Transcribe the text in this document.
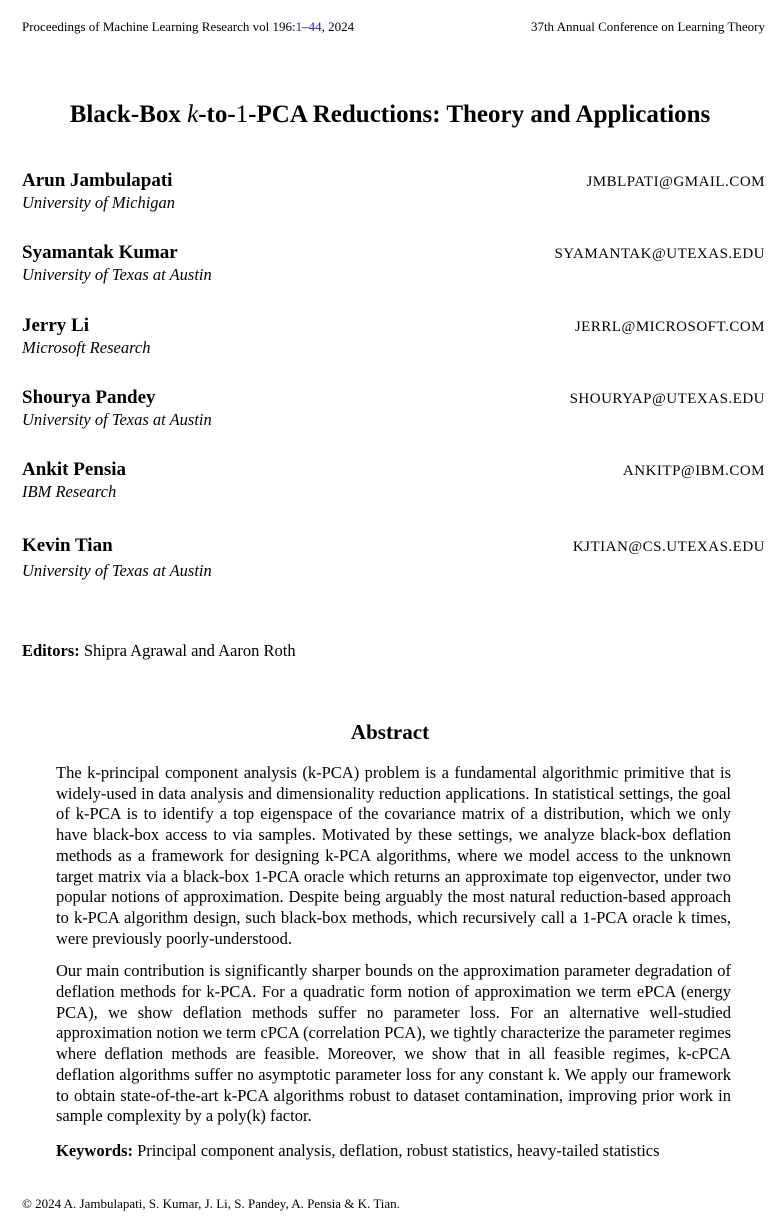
Proceedings of Machine Learning Research vol 196:1–44, 2024	37th Annual Conference on Learning Theory
Black-Box k-to-1-PCA Reductions: Theory and Applications
Arun Jambulapati	JMBLPATI@GMAIL.COM
University of Michigan
Syamantak Kumar	SYAMANTAK@UTEXAS.EDU
University of Texas at Austin
Jerry Li	JERRL@MICROSOFT.COM
Microsoft Research
Shourya Pandey	SHOURYAP@UTEXAS.EDU
University of Texas at Austin
Ankit Pensia	ANKITP@IBM.COM
IBM Research
Kevin Tian	KJTIAN@CS.UTEXAS.EDU
University of Texas at Austin
Editors: Shipra Agrawal and Aaron Roth
Abstract

The k-principal component analysis (k-PCA) problem is a fundamental algorithmic primitive that is widely-used in data analysis and dimensionality reduction applications. In statistical settings, the goal of k-PCA is to identify a top eigenspace of the covariance matrix of a distribution, which we only have black-box access to via samples. Motivated by these settings, we analyze black-box deflation methods as a framework for designing k-PCA algorithms, where we model access to the unknown target matrix via a black-box 1-PCA oracle which returns an approximate top eigenvector, under two popular notions of approximation. Despite being arguably the most natural reduction-based approach to k-PCA algorithm design, such black-box methods, which recursively call a 1-PCA oracle k times, were previously poorly-understood.

Our main contribution is significantly sharper bounds on the approximation parameter degradation of deflation methods for k-PCA. For a quadratic form notion of approximation we term ePCA (energy PCA), we show deflation methods suffer no parameter loss. For an alternative well-studied approximation notion we term cPCA (correlation PCA), we tightly characterize the parameter regimes where deflation methods are feasible. Moreover, we show that in all feasible regimes, k-cPCA deflation algorithms suffer no asymptotic parameter loss for any constant k. We apply our framework to obtain state-of-the-art k-PCA algorithms robust to dataset contamination, improving prior work in sample complexity by a poly(k) factor.

Keywords: Principal component analysis, deflation, robust statistics, heavy-tailed statistics
© 2024 A. Jambulapati, S. Kumar, J. Li, S. Pandey, A. Pensia & K. Tian.
